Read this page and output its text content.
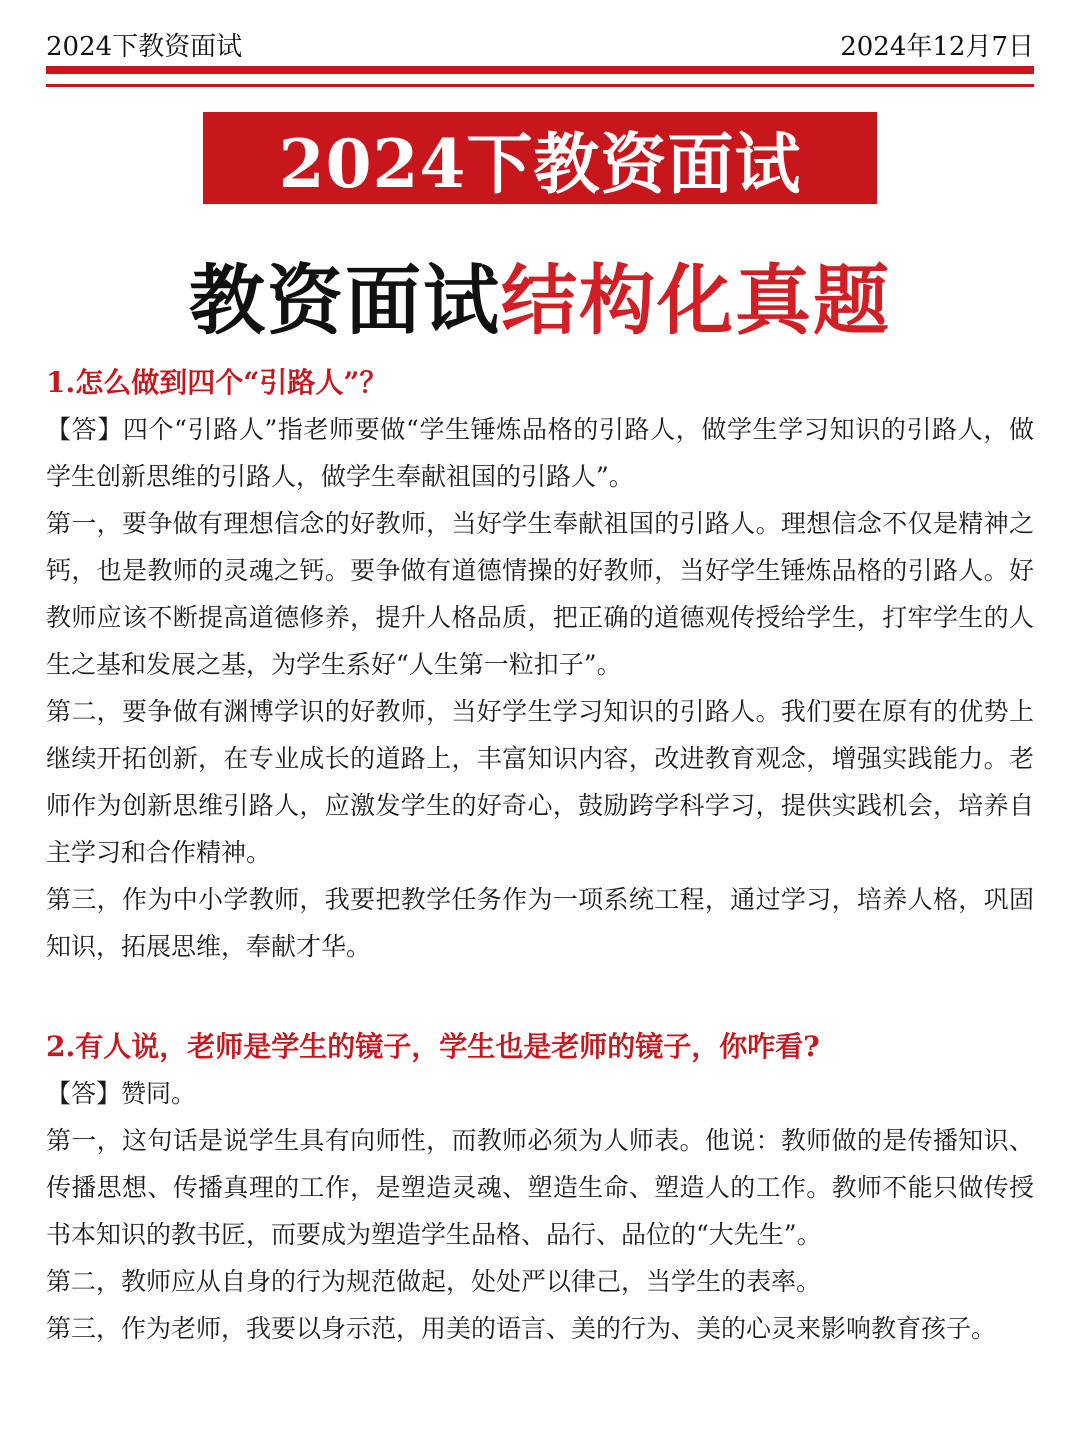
2024下教资面试	2024年12月7日
2024下教资面试
教资面试结构化真题
1.怎么做到四个“引路人”？

【答】四个“引路人”指老师要做“学生锤炼品格的引路人，做学生学习知识的引路人，做学生创新思维的引路人，做学生奉献祖国的引路人”。

第一，要争做有理想信念的好教师，当好学生奉献祖国的引路人。理想信念不仅是精神之钙，也是教师的灵魂之钙。要争做有道德情操的好教师，当好学生锤炼品格的引路人。好教师应该不断提高道德修养，提升人格品质，把正确的道德观传授给学生，打牢学生的人生之基和发展之基，为学生系好“人生第一粒扣子”。

第二，要争做有渊博学识的好教师，当好学生学习知识的引路人。我们要在原有的优势上继续开拓创新，在专业成长的道路上，丰富知识内容，改进教育观念，增强实践能力。老师作为创新思维引路人，应激发学生的好奇心，鼓励跨学科学习，提供实践机会，培养自主学习和合作精神。

第三，作为中小学教师，我要把教学任务作为一项系统工程，通过学习，培养人格，巩固知识，拓展思维，奉献才华。

2.有人说，老师是学生的镜子，学生也是老师的镜子，你咋看?

【答】赞同。

第一，这句话是说学生具有向师性，而教师必须为人师表。他说：教师做的是传播知识、传播思想、传播真理的工作，是塑造灵魂、塑造生命、塑造人的工作。教师不能只做传授书本知识的教书匠，而要成为塑造学生品格、品行、品位的“大先生”。

第二，教师应从自身的行为规范做起，处处严以律己，当学生的表率。

第三，作为老师，我要以身示范，用美的语言、美的行为、美的心灵来影响教育孩子。
